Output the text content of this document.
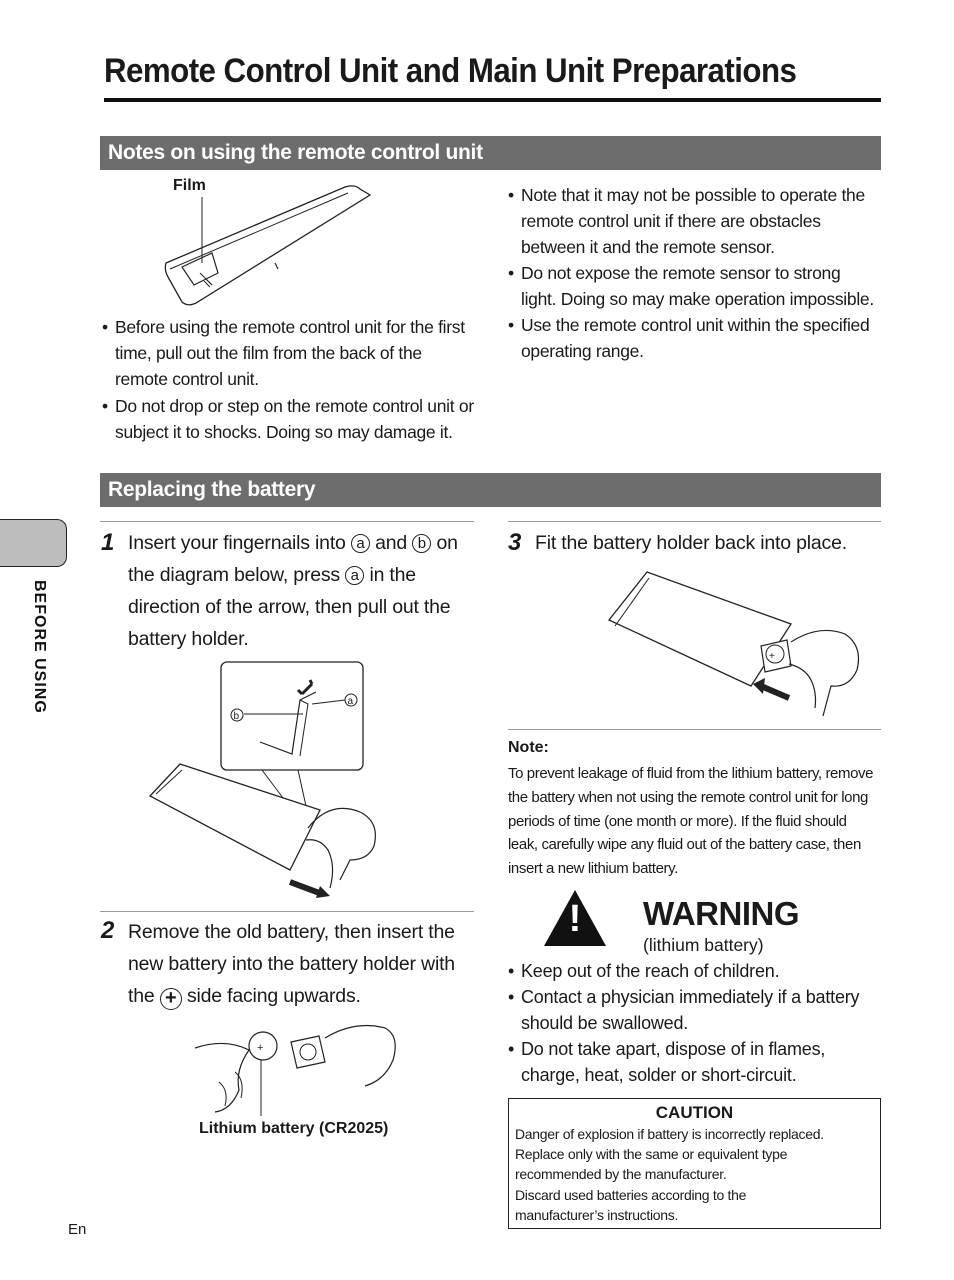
Remote Control Unit and Main Unit Preparations
BEFORE USING
Notes on using the remote control unit
Film
• Before using the remote control unit for the first time, pull out the film from the back of the remote control unit.
• Do not drop or step on the remote control unit or subject it to shocks. Doing so may damage it.
• Note that it may not be possible to operate the remote control unit if there are obstacles between it and the remote sensor.
• Do not expose the remote sensor to strong light. Doing so may make operation impossible.
• Use the remote control unit within the specified operating range.
Replacing the battery
1 Insert your fingernails into a and b on the diagram below, press a in the direction of the arrow, then pull out the battery holder.
b
a
2 Remove the old battery, then insert the new battery into the battery holder with the + side facing upwards.
+
Lithium battery (CR2025)
3 Fit the battery holder back into place.
+
Note:
To prevent leakage of fluid from the lithium battery, remove the battery when not using the remote control unit for long periods of time (one month or more). If the fluid should leak, carefully wipe any fluid out of the battery case, then insert a new lithium battery.
! WARNING
(lithium battery)
• Keep out of the reach of children.
• Contact a physician immediately if a battery should be swallowed.
• Do not take apart, dispose of in flames, charge, heat, solder or short-circuit.
CAUTION
Danger of explosion if battery is incorrectly replaced.
Replace only with the same or equivalent type
recommended by the manufacturer.
Discard used batteries according to the
manufacturer’s instructions.
En
